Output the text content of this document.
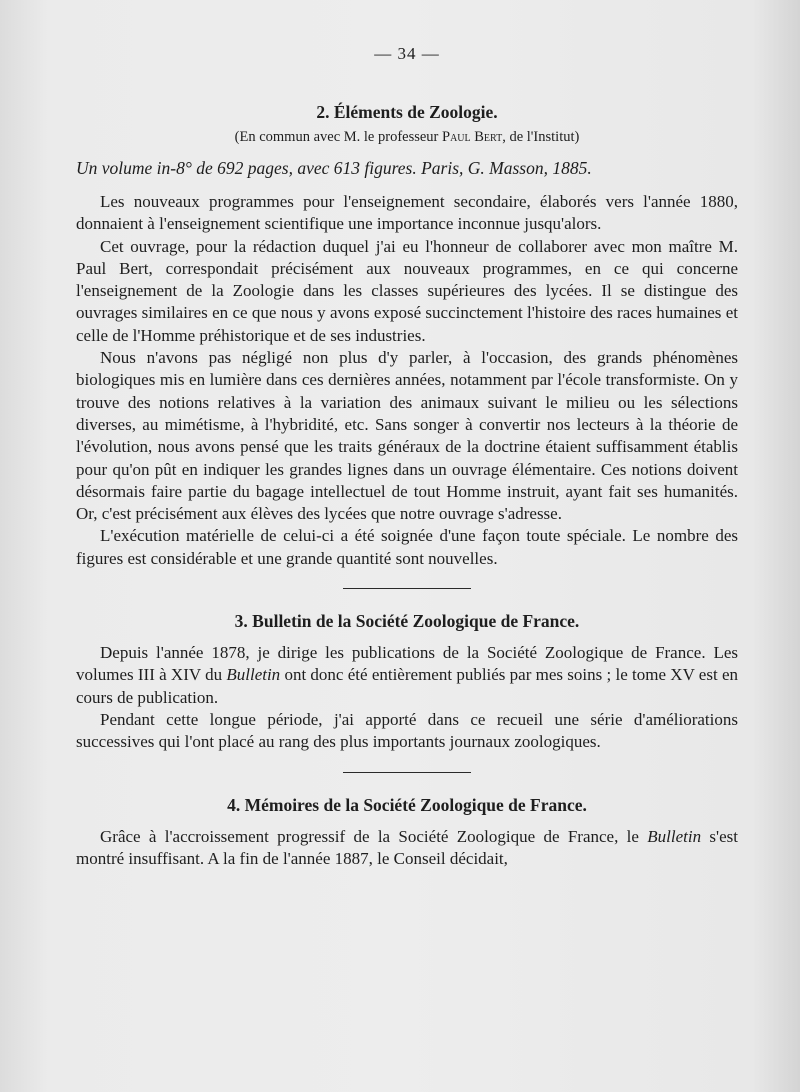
— 34 —
2. Éléments de Zoologie.
(En commun avec M. le professeur Paul Bert, de l'Institut)
Un volume in-8° de 692 pages, avec 613 figures. Paris, G. Masson, 1885.

Les nouveaux programmes pour l'enseignement secondaire, élaborés vers l'année 1880, donnaient à l'enseignement scientifique une importance inconnue jusqu'alors.

Cet ouvrage, pour la rédaction duquel j'ai eu l'honneur de collaborer avec mon maître M. Paul Bert, correspondait précisément aux nouveaux programmes, en ce qui concerne l'enseignement de la Zoologie dans les classes supérieures des lycées. Il se distingue des ouvrages similaires en ce que nous y avons exposé succinctement l'histoire des races humaines et celle de l'Homme préhistorique et de ses industries.

Nous n'avons pas négligé non plus d'y parler, à l'occasion, des grands phénomènes biologiques mis en lumière dans ces dernières années, notamment par l'école transformiste. On y trouve des notions relatives à la variation des animaux suivant le milieu ou les sélections diverses, au mimétisme, à l'hybridité, etc. Sans songer à convertir nos lecteurs à la théorie de l'évolution, nous avons pensé que les traits généraux de la doctrine étaient suffisamment établis pour qu'on pût en indiquer les grandes lignes dans un ouvrage élémentaire. Ces notions doivent désormais faire partie du bagage intellectuel de tout Homme instruit, ayant fait ses humanités. Or, c'est précisément aux élèves des lycées que notre ouvrage s'adresse.

L'exécution matérielle de celui-ci a été soignée d'une façon toute spéciale. Le nombre des figures est considérable et une grande quantité sont nouvelles.

3. Bulletin de la Société Zoologique de France.

Depuis l'année 1878, je dirige les publications de la Société Zoologique de France. Les volumes III à XIV du Bulletin ont donc été entièrement publiés par mes soins ; le tome XV est en cours de publication.

Pendant cette longue période, j'ai apporté dans ce recueil une série d'améliorations successives qui l'ont placé au rang des plus importants journaux zoologiques.

4. Mémoires de la Société Zoologique de France.

Grâce à l'accroissement progressif de la Société Zoologique de France, le Bulletin s'est montré insuffisant. A la fin de l'année 1887, le Conseil décidait,
